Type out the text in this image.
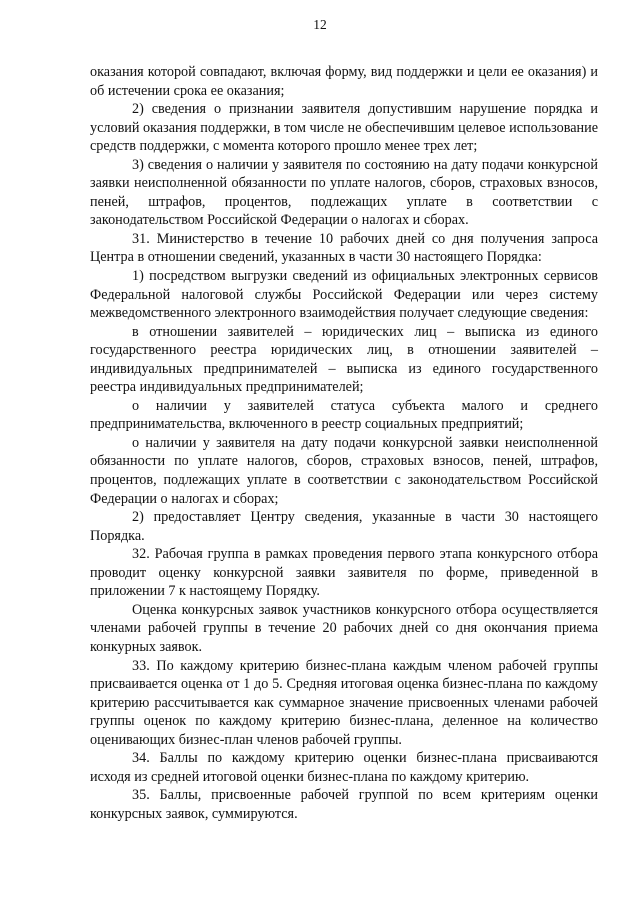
12

оказания которой совпадают, включая форму, вид поддержки и цели ее оказания) и об истечении срока ее оказания;

2) сведения о признании заявителя допустившим нарушение порядка и условий оказания поддержки, в том числе не обеспечившим целевое использование средств поддержки, с момента которого прошло менее трех лет;

3) сведения о наличии у заявителя по состоянию на дату подачи конкурсной заявки неисполненной обязанности по уплате налогов, сборов, страховых взносов, пеней, штрафов, процентов, подлежащих уплате в соответствии с законодательством Российской Федерации о налогах и сборах.

31. Министерство в течение 10 рабочих дней со дня получения запроса Центра в отношении сведений, указанных в части 30 настоящего Порядка:

1) посредством выгрузки сведений из официальных электронных сервисов Федеральной налоговой службы Российской Федерации или через систему межведомственного электронного взаимодействия получает следующие сведения:

в отношении заявителей – юридических лиц – выписка из единого государственного реестра юридических лиц, в отношении заявителей – индивидуальных предпринимателей – выписка из единого государственного реестра индивидуальных предпринимателей;

о наличии у заявителей статуса субъекта малого и среднего предпринимательства, включенного в реестр социальных предприятий;

о наличии у заявителя на дату подачи конкурсной заявки неисполненной обязанности по уплате налогов, сборов, страховых взносов, пеней, штрафов, процентов, подлежащих уплате в соответствии с законодательством Российской Федерации о налогах и сборах;

2) предоставляет Центру сведения, указанные в части 30 настоящего Порядка.

32. Рабочая группа в рамках проведения первого этапа конкурсного отбора проводит оценку конкурсной заявки заявителя по форме, приведенной в приложении 7 к настоящему Порядку.

Оценка конкурсных заявок участников конкурсного отбора осуществляется членами рабочей группы в течение 20 рабочих дней со дня окончания приема конкурных заявок.

33. По каждому критерию бизнес-плана каждым членом рабочей группы присваивается оценка от 1 до 5. Средняя итоговая оценка бизнес-плана по каждому критерию рассчитывается как суммарное значение присвоенных членами рабочей группы оценок по каждому критерию бизнес-плана, деленное на количество оценивающих бизнес-план членов рабочей группы.

34. Баллы по каждому критерию оценки бизнес-плана присваиваются исходя из средней итоговой оценки бизнес-плана по каждому критерию.

35. Баллы, присвоенные рабочей группой по всем критериям оценки конкурсных заявок, суммируются.
